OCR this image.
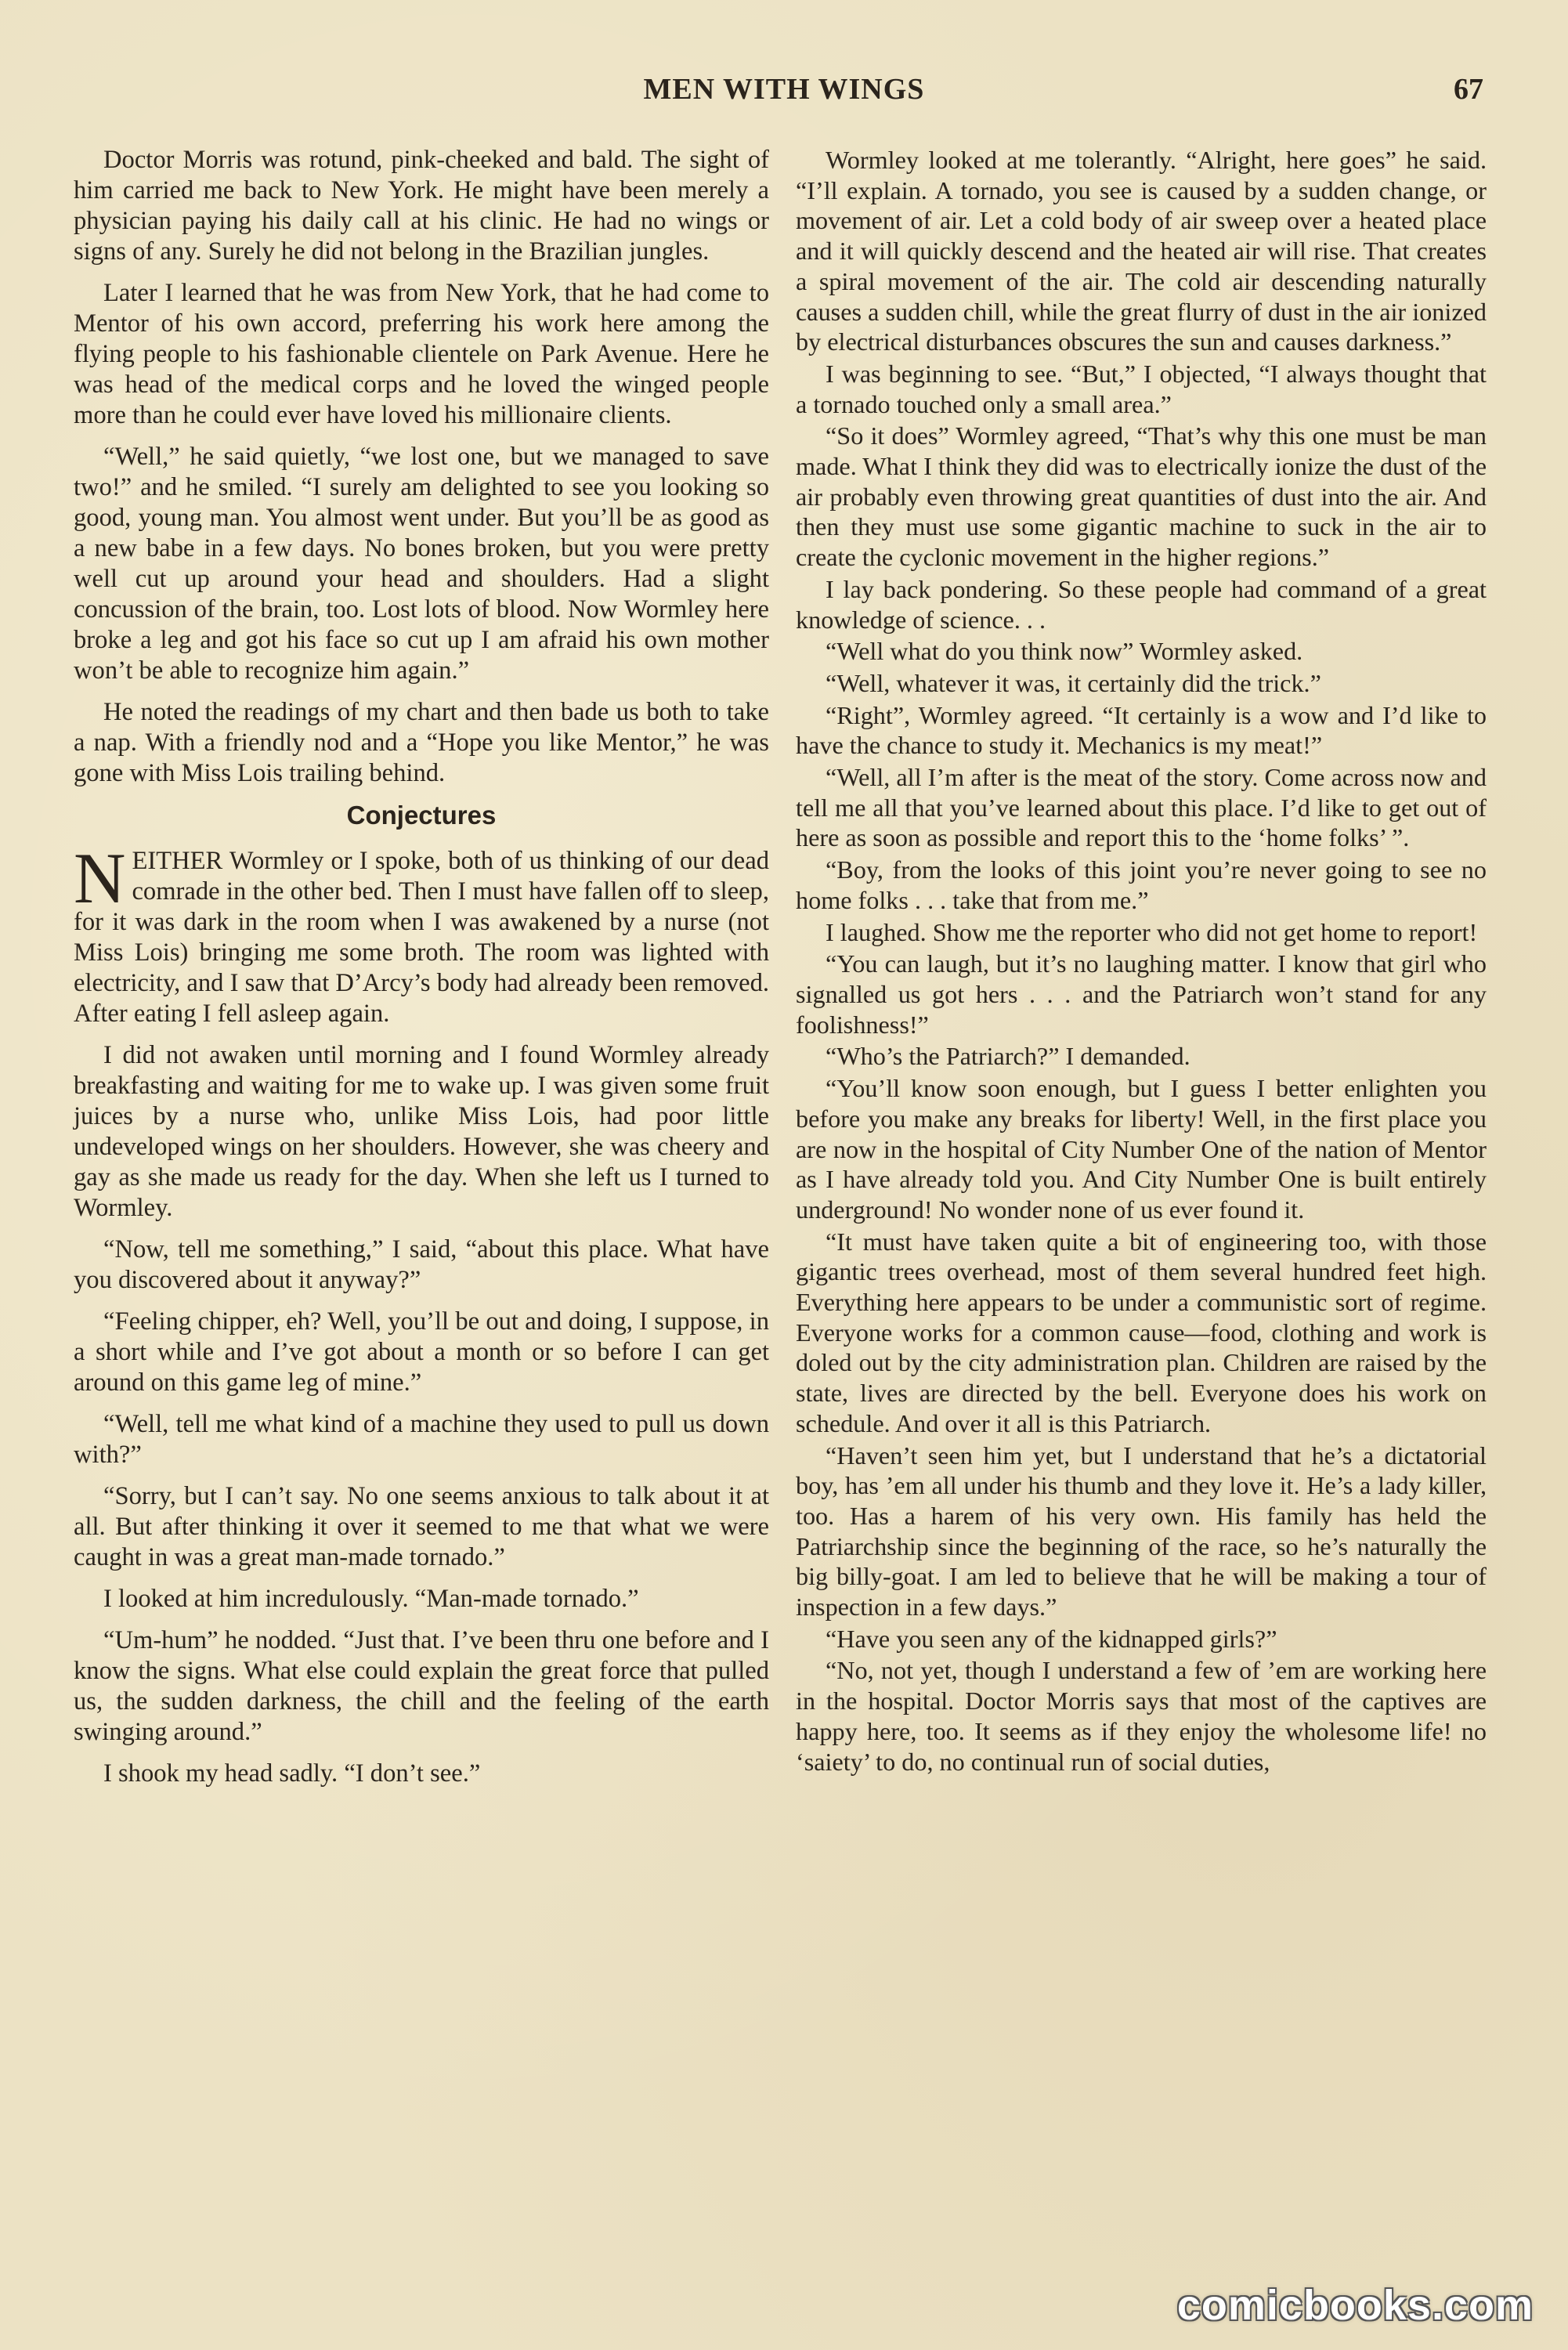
MEN WITH WINGS	67

Doctor Morris was rotund, pink-cheeked and bald. The sight of him carried me back to New York. He might have been merely a physician paying his daily call at his clinic. He had no wings or signs of any. Surely he did not belong in the Brazilian jungles.

Later I learned that he was from New York, that he had come to Mentor of his own accord, preferring his work here among the flying people to his fashionable clientele on Park Avenue. Here he was head of the medical corps and he loved the winged people more than he could ever have loved his millionaire clients.

“Well,” he said quietly, “we lost one, but we managed to save two!” and he smiled. “I surely am delighted to see you looking so good, young man. You almost went under. But you’ll be as good as a new babe in a few days. No bones broken, but you were pretty well cut up around your head and shoulders. Had a slight concussion of the brain, too. Lost lots of blood. Now Wormley here broke a leg and got his face so cut up I am afraid his own mother won’t be able to recognize him again.”

He noted the readings of my chart and then bade us both to take a nap. With a friendly nod and a “Hope you like Mentor,” he was gone with Miss Lois trailing behind.

Conjectures

NEITHER Wormley or I spoke, both of us thinking of our dead comrade in the other bed. Then I must have fallen off to sleep, for it was dark in the room when I was awakened by a nurse (not Miss Lois) bringing me some broth. The room was lighted with electricity, and I saw that D’Arcy’s body had already been removed. After eating I fell asleep again.

I did not awaken until morning and I found Wormley already breakfasting and waiting for me to wake up. I was given some fruit juices by a nurse who, unlike Miss Lois, had poor little undeveloped wings on her shoulders. However, she was cheery and gay as she made us ready for the day. When she left us I turned to Wormley.

“Now, tell me something,” I said, “about this place. What have you discovered about it anyway?”

“Feeling chipper, eh? Well, you’ll be out and doing, I suppose, in a short while and I’ve got about a month or so before I can get around on this game leg of mine.”

“Well, tell me what kind of a machine they used to pull us down with?”

“Sorry, but I can’t say. No one seems anxious to talk about it at all. But after thinking it over it seemed to me that what we were caught in was a great man-made tornado.”

I looked at him incredulously. “Man-made tornado.”

“Um-hum” he nodded. “Just that. I’ve been thru one before and I know the signs. What else could explain the great force that pulled us, the sudden darkness, the chill and the feeling of the earth swinging around.”

I shook my head sadly. “I don’t see.”

Wormley looked at me tolerantly. “Alright, here goes” he said. “I’ll explain. A tornado, you see is caused by a sudden change, or movement of air. Let a cold body of air sweep over a heated place and it will quickly descend and the heated air will rise. That creates a spiral movement of the air. The cold air descending naturally causes a sudden chill, while the great flurry of dust in the air ionized by electrical disturbances obscures the sun and causes darkness.”

I was beginning to see. “But,” I objected, “I always thought that a tornado touched only a small area.”

“So it does” Wormley agreed, “That’s why this one must be man made. What I think they did was to electrically ionize the dust of the air probably even throwing great quantities of dust into the air. And then they must use some gigantic machine to suck in the air to create the cyclonic movement in the higher regions.”

I lay back pondering. So these people had command of a great knowledge of science. . .

“Well what do you think now” Wormley asked.

“Well, whatever it was, it certainly did the trick.”

“Right”, Wormley agreed. “It certainly is a wow and I’d like to have the chance to study it. Mechanics is my meat!”

“Well, all I’m after is the meat of the story. Come across now and tell me all that you’ve learned about this place. I’d like to get out of here as soon as possible and report this to the ‘home folks’ ”.

“Boy, from the looks of this joint you’re never going to see no home folks . . . take that from me.”

I laughed. Show me the reporter who did not get home to report!

“You can laugh, but it’s no laughing matter. I know that girl who signalled us got hers . . . and the Patriarch won’t stand for any foolishness!”

“Who’s the Patriarch?” I demanded.

“You’ll know soon enough, but I guess I better enlighten you before you make any breaks for liberty! Well, in the first place you are now in the hospital of City Number One of the nation of Mentor as I have already told you. And City Number One is built entirely underground! No wonder none of us ever found it.

“It must have taken quite a bit of engineering too, with those gigantic trees overhead, most of them several hundred feet high. Everything here appears to be under a communistic sort of regime. Everyone works for a common cause—food, clothing and work is doled out by the city administration plan. Children are raised by the state, lives are directed by the bell. Everyone does his work on schedule. And over it all is this Patriarch.

“Haven’t seen him yet, but I understand that he’s a dictatorial boy, has ’em all under his thumb and they love it. He’s a lady killer, too. Has a harem of his very own. His family has held the Patriarchship since the beginning of the race, so he’s naturally the big billy-goat. I am led to believe that he will be making a tour of inspection in a few days.”

“Have you seen any of the kidnapped girls?”

“No, not yet, though I understand a few of ’em are working here in the hospital. Doctor Morris says that most of the captives are happy here, too. It seems as if they enjoy the wholesome life! no ‘saiety’ to do, no continual run of social duties,

comicbooks.com
